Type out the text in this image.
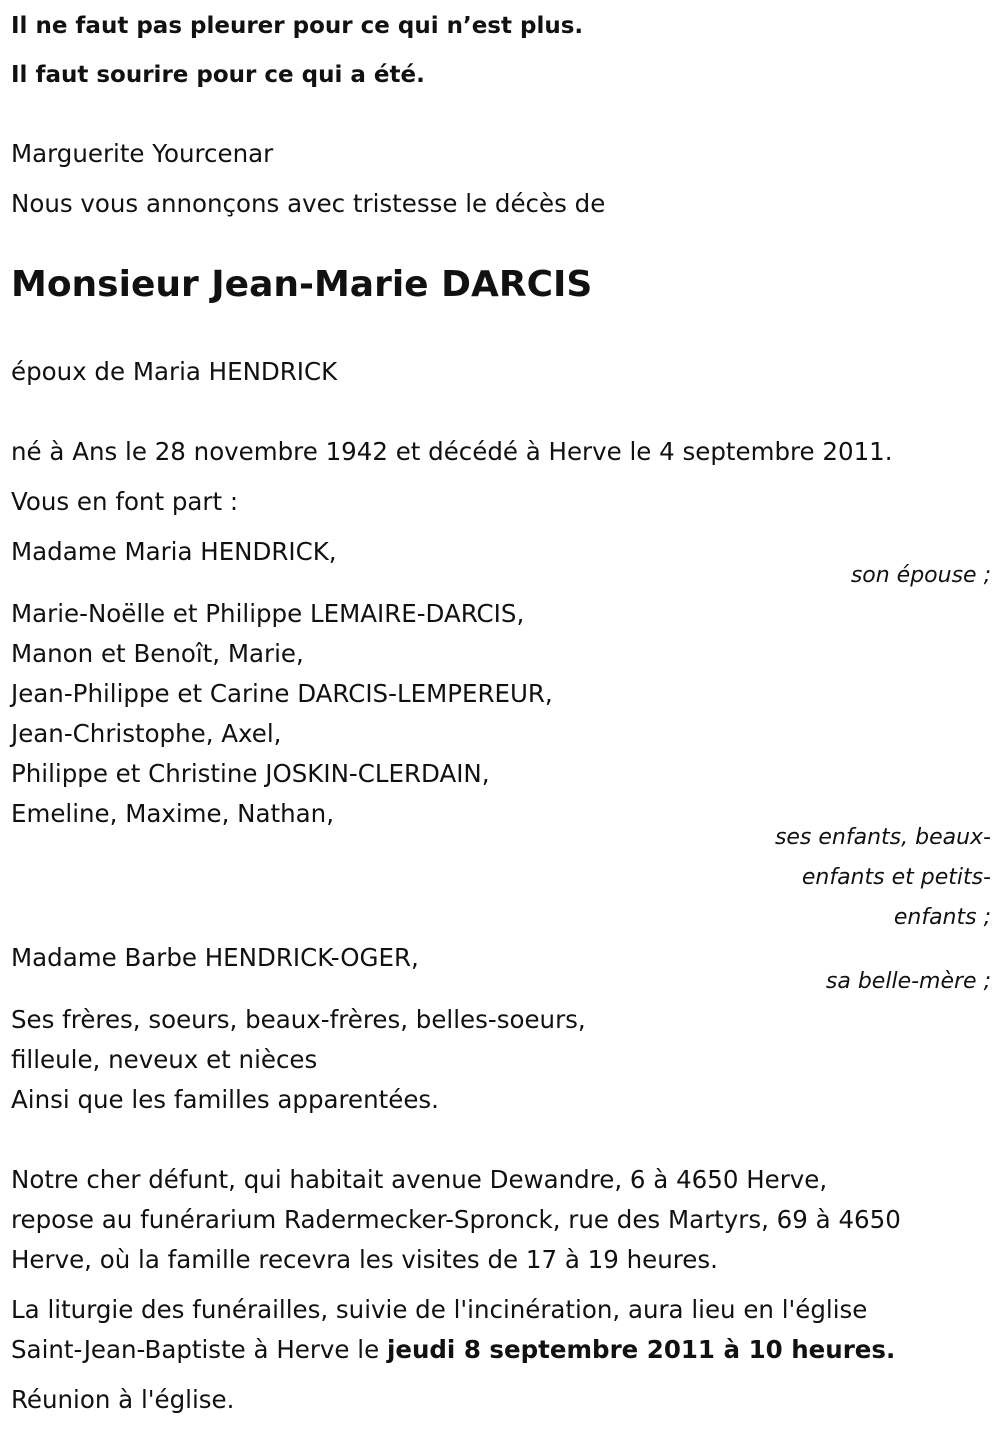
Il ne faut pas pleurer pour ce qui n’est plus.
Il faut sourire pour ce qui a été.
Marguerite Yourcenar
Nous vous annonçons avec tristesse le décès de
Monsieur Jean-Marie DARCIS
époux de Maria HENDRICK
né à Ans le 28 novembre 1942 et décédé à Herve le 4 septembre 2011.
Vous en font part :
Madame Maria HENDRICK,
son épouse ;
Marie-Noëlle et Philippe LEMAIRE-DARCIS,
Manon et Benoît, Marie,
Jean-Philippe et Carine DARCIS-LEMPEREUR,
Jean-Christophe, Axel,
Philippe et Christine JOSKIN-CLERDAIN,
Emeline, Maxime, Nathan,
ses enfants, beaux-
enfants et petits-
enfants ;
Madame Barbe HENDRICK-OGER,
sa belle-mère ;
Ses frères, soeurs, beaux-frères, belles-soeurs,
filleule, neveux et nièces
Ainsi que les familles apparentées.
Notre cher défunt, qui habitait avenue Dewandre, 6 à 4650 Herve,
repose au funérarium Radermecker-Spronck, rue des Martyrs, 69 à 4650
Herve, où la famille recevra les visites de 17 à 19 heures.
La liturgie des funérailles, suivie de l'incinération, aura lieu en l'église
Saint-Jean-Baptiste à Herve le jeudi 8 septembre 2011 à 10 heures.
Réunion à l'église.
